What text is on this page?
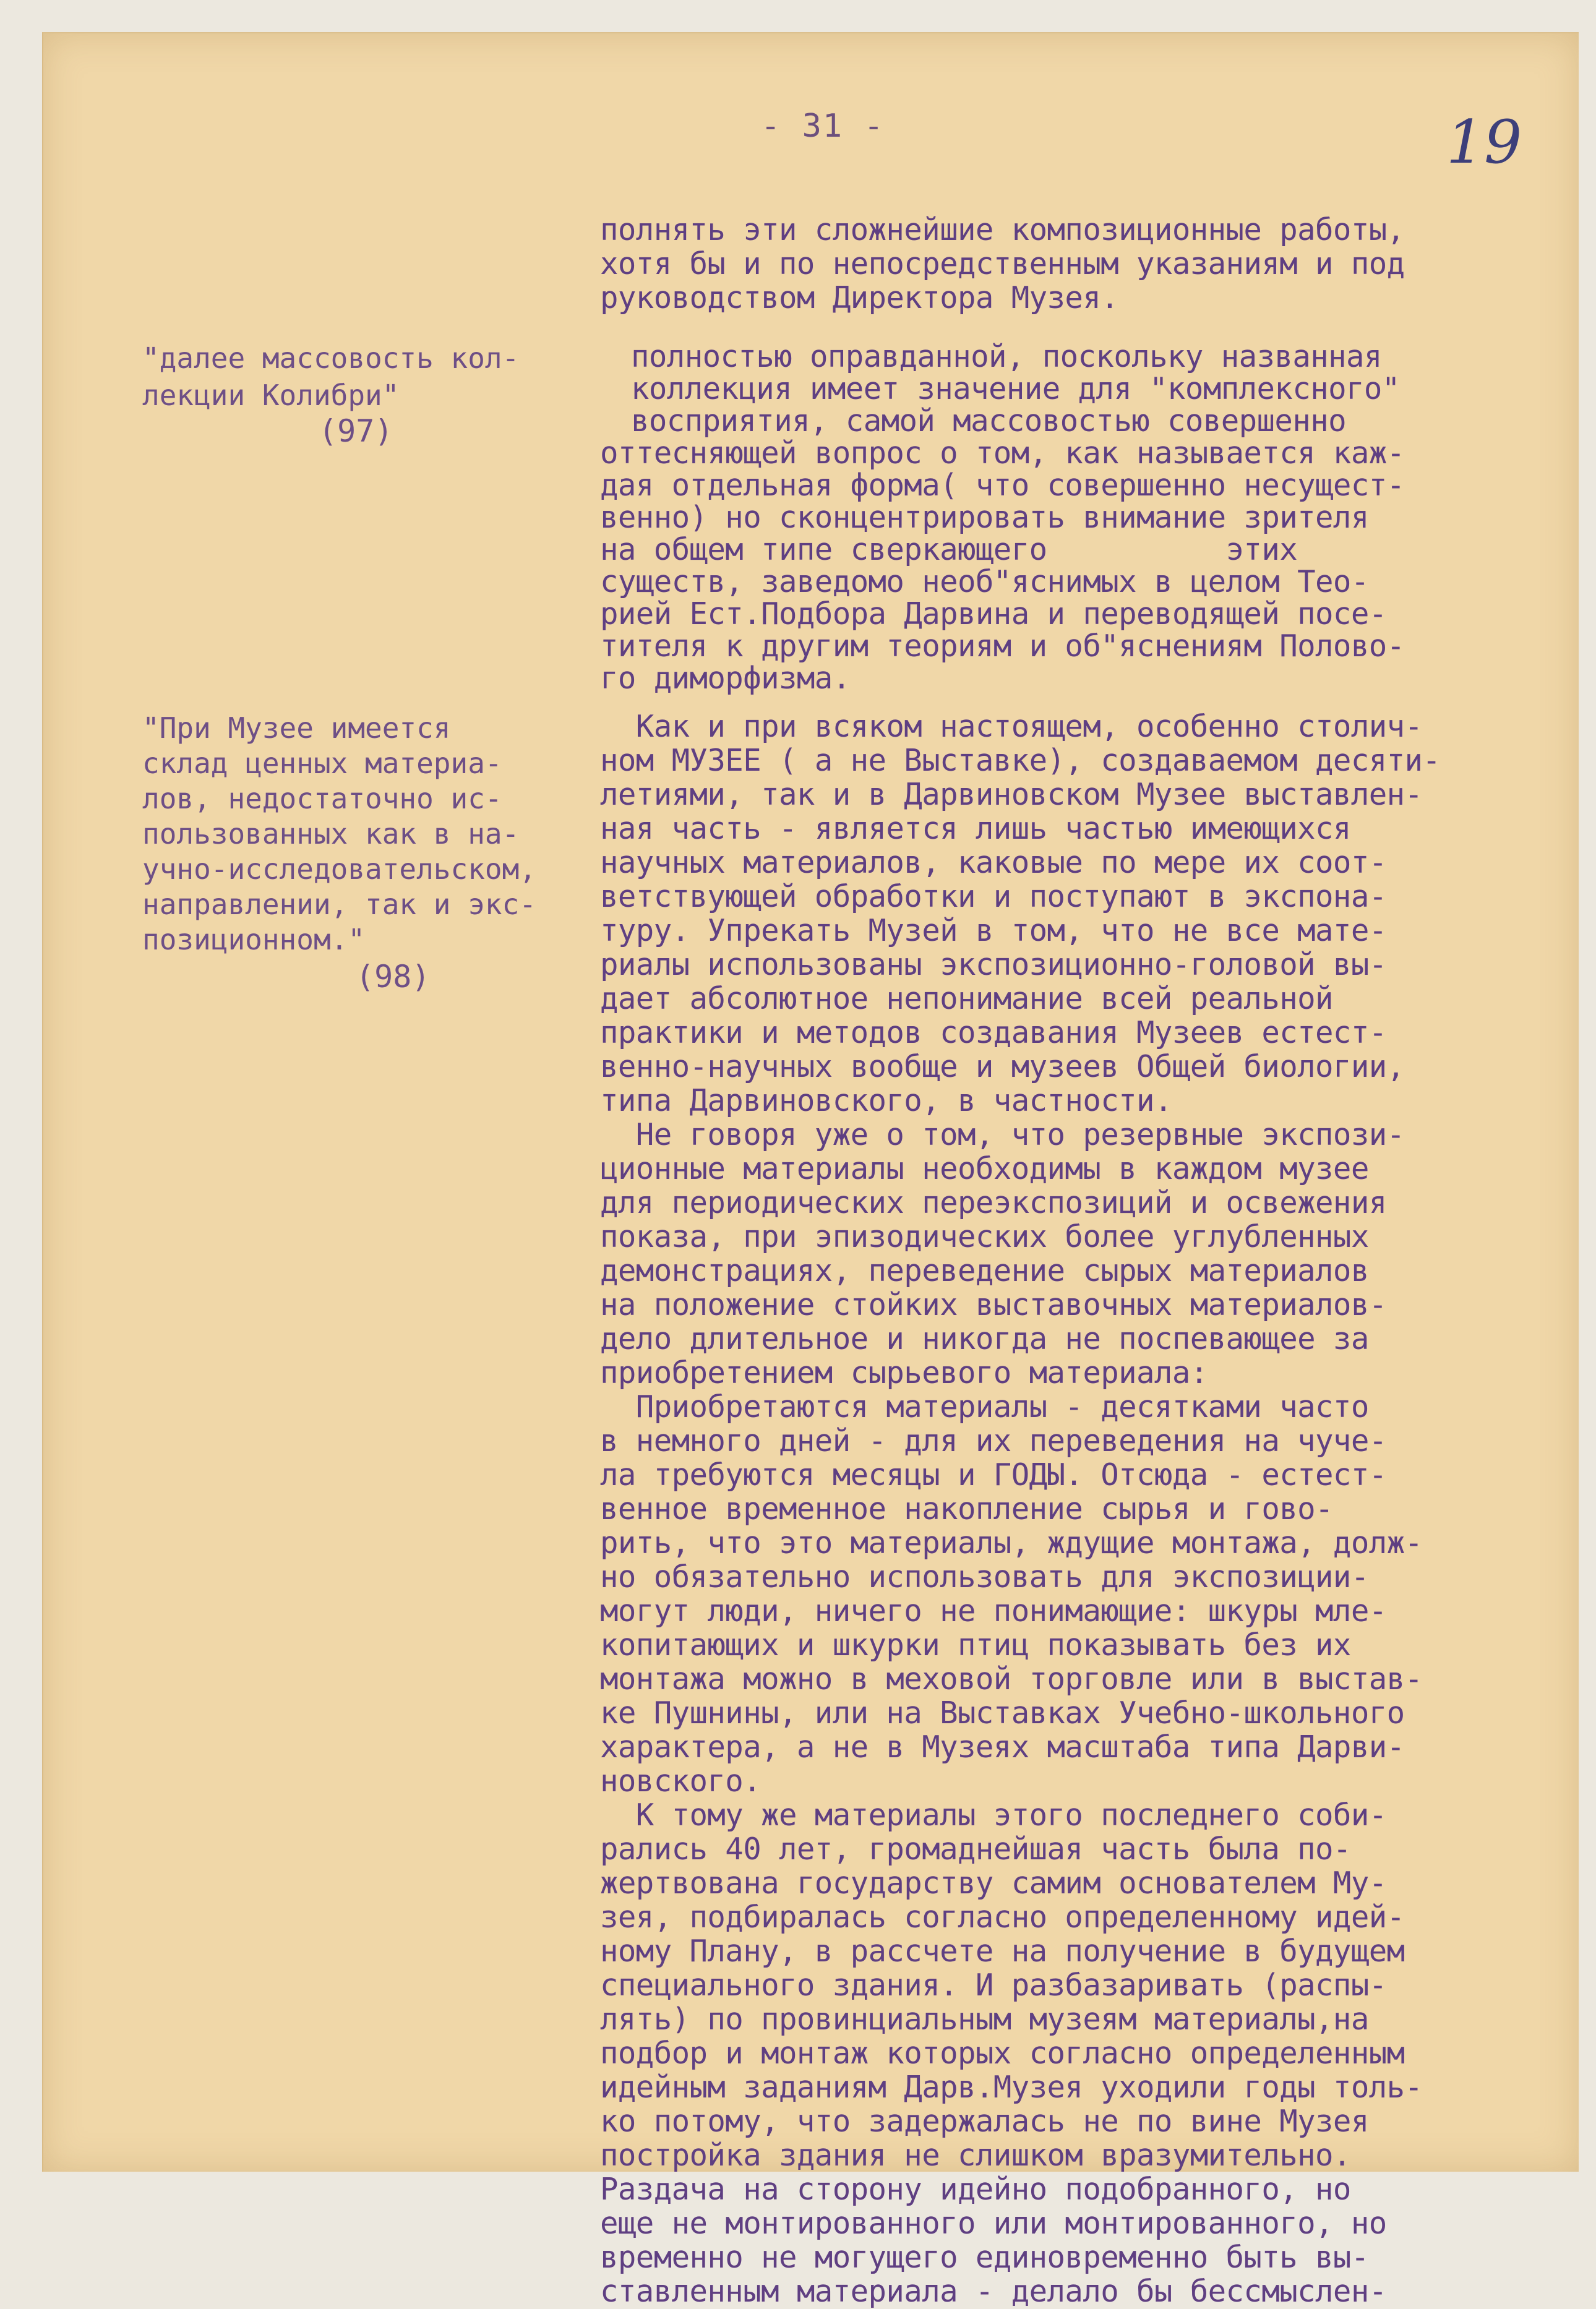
- 31 -	19
полнять эти сложнейшие композиционные работы,
хотя бы и по непосредственным указаниям и под
руководством Директора Музея.
"далее массовость кол-
лекции Колибри"
(97)
полностью оправданной, поскольку названная
коллекция имеет значение для "комплексного"
восприятия, самой массовостью совершенно
оттесняющей вопрос о том, как называется каж-
дая отдельная форма( что совершенно несущест-
венно) но сконцентрировать внимание зрителя
на общем типе сверкающего          этих
существ, заведомо необ"яснимых в целом Тео-
рией Ест.Подбора Дарвина и переводящей посе-
тителя к другим теориям и об"яснениям Полово-
го диморфизма.
"При Музее имеется
склад ценных материа-
лов, недостаточно ис-
пользованных как в на-
учно-исследовательском,
направлении, так и экс-
позиционном."
(98)
Как и при всяком настоящем, особенно столич-
ном МУЗЕЕ ( а не Выставке), создаваемом десяти-
летиями, так и в Дарвиновском Музее выставлен-
ная часть - является лишь частью имеющихся
научных материалов, каковые по мере их соот-
ветствующей обработки и поступают в экспона-
туру. Упрекать Музей в том, что не все мате-
риалы использованы экспозиционно-головой вы-
дает абсолютное непонимание всей реальной
практики и методов создавания Музеев естест-
венно-научных вообще и музеев Общей биологии,
типа Дарвиновского, в частности.
Не говоря уже о том, что резервные экспози-
ционные материалы необходимы в каждом музее
для периодических переэкспозиций и освежения
показа, при эпизодических более углубленных
демонстрациях, переведение сырых материалов
на положение стойких выставочных материалов-
дело длительное и никогда не поспевающее за
приобретением сырьевого материала:
Приобретаются материалы - десятками часто
в немного дней - для их переведения на чуче-
ла требуются месяцы и ГОДЫ. Отсюда - естест-
венное временное накопление сырья и гово-
рить, что это материалы, ждущие монтажа, долж-
но обязательно использовать для экспозиции-
могут люди, ничего не понимающие: шкуры мле-
копитающих и шкурки птиц показывать без их
монтажа можно в меховой торговле или в выстав-
ке Пушнины, или на Выставках Учебно-школьного
характера, а не в Музеях масштаба типа Дарви-
новского.
К тому же материалы этого последнего соби-
рались 40 лет, громаднейшая часть была по-
жертвована государству самим основателем Му-
зея, подбиралась согласно определенному идей-
ному Плану, в рассчете на получение в будущем
специального здания. И разбазаривать (распы-
лять) по провинциальным музеям материалы,на
подбор и монтаж которых согласно определенным
идейным заданиям Дарв.Музея уходили годы толь-
ко потому, что задержалась не по вине Музея
постройка здания не слишком вразумительно.
Раздача на сторону идейно подобранного, но
еще не монтированного или монтированного, но
временно не могущего единовременно быть вы-
ставленным материала - делало бы бессмыслен-
